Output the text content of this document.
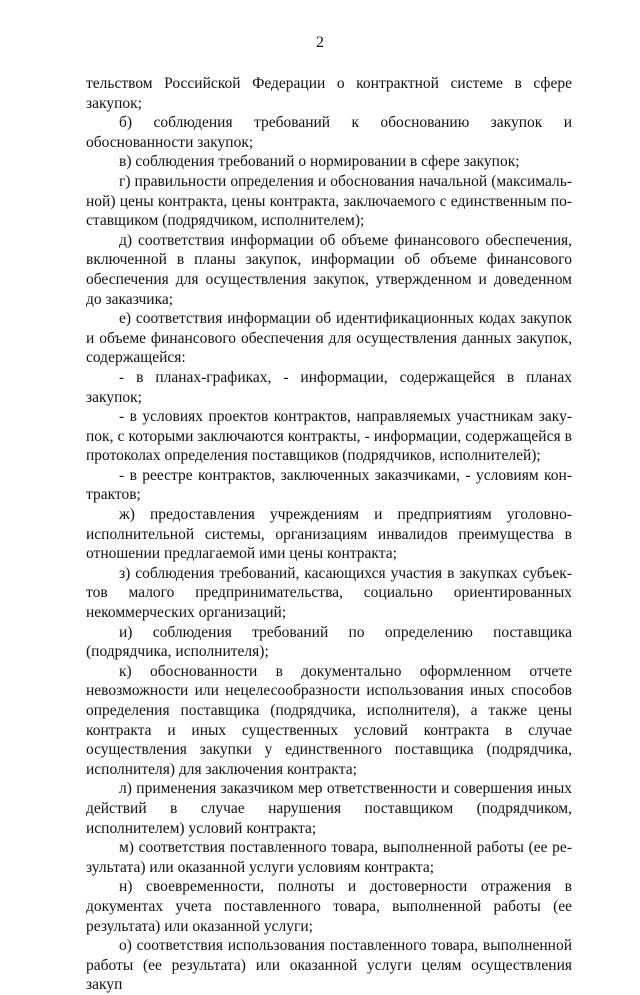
2

тельством Российской Федерации о контрактной системе в сфере закупок;

б) соблюдения требований к обоснованию закупок и обоснованности закупок;

в) соблюдения требований о нормировании в сфере закупок;

г) правильности определения и обоснования начальной (максимальной) цены контракта, цены контракта, заключаемого с единственным поставщиком (подрядчиком, исполнителем);

д) соответствия информации об объеме финансового обеспечения, включенной в планы закупок, информации об объеме финансового обеспечения для осуществления закупок, утвержденном и доведенном до заказчика;

е) соответствия информации об идентификационных кодах закупок и объеме финансового обеспечения для осуществления данных закупок, содержащейся:

- в планах-графиках, - информации, содержащейся в планах закупок;

- в условиях проектов контрактов, направляемых участникам закупок, с которыми заключаются контракты, - информации, содержащейся в протоколах определения поставщиков (подрядчиков, исполнителей);

- в реестре контрактов, заключенных заказчиками, - условиям контрактов;

ж) предоставления учреждениям и предприятиям уголовно-исполнительной системы, организациям инвалидов преимущества в отношении предлагаемой ими цены контракта;

з) соблюдения требований, касающихся участия в закупках субъектов малого предпринимательства, социально ориентированных некоммерческих организаций;

и) соблюдения требований по определению поставщика (подрядчика, исполнителя);

к) обоснованности в документально оформленном отчете невозможности или нецелесообразности использования иных способов определения поставщика (подрядчика, исполнителя), а также цены контракта и иных существенных условий контракта в случае осуществления закупки у единственного поставщика (подрядчика, исполнителя) для заключения контракта;

л) применения заказчиком мер ответственности и совершения иных действий в случае нарушения поставщиком (подрядчиком, исполнителем) условий контракта;

м) соответствия поставленного товара, выполненной работы (ее результата) или оказанной услуги условиям контракта;

н) своевременности, полноты и достоверности отражения в документах учета поставленного товара, выполненной работы (ее результата) или оказанной услуги;

о) соответствия использования поставленного товара, выполненной работы (ее результата) или оказанной услуги целям осуществления закуп
